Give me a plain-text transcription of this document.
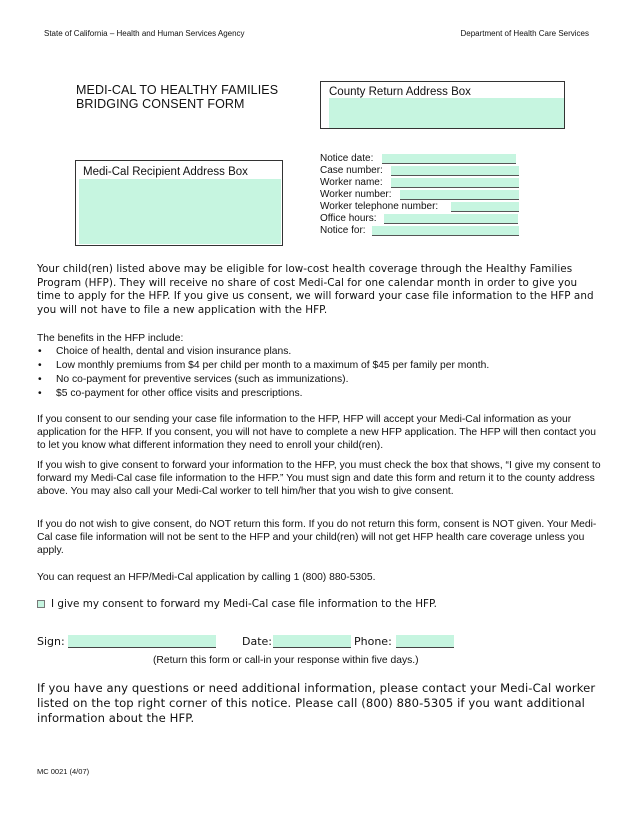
State of California – Health and Human Services Agency	Department of Health Care Services
MEDI-CAL TO HEALTHY FAMILIES
BRIDGING CONSENT FORM
County Return Address Box
Medi-Cal Recipient Address Box
Notice date:
Case number:
Worker name:
Worker number:
Worker telephone number:
Office hours:
Notice for:
Your child(ren) listed above may be eligible for low-cost health coverage through the Healthy Families Program (HFP). They will receive no share of cost Medi-Cal for one calendar month in order to give you time to apply for the HFP. If you give us consent, we will forward your case file information to the HFP and you will not have to file a new application with the HFP.
The benefits in the HFP include:
• Choice of health, dental and vision insurance plans.
• Low monthly premiums from $4 per child per month to a maximum of $45 per family per month.
• No co-payment for preventive services (such as immunizations).
• $5 co-payment for other office visits and prescriptions.
If you consent to our sending your case file information to the HFP, HFP will accept your Medi-Cal information as your application for the HFP. If you consent, you will not have to complete a new HFP application. The HFP will then contact you to let you know what different information they need to enroll your child(ren).
If you wish to give consent to forward your information to the HFP, you must check the box that shows, “I give my consent to forward my Medi-Cal case file information to the HFP.” You must sign and date this form and return it to the county address above. You may also call your Medi-Cal worker to tell him/her that you wish to give consent.
If you do not wish to give consent, do NOT return this form. If you do not return this form, consent is NOT given. Your Medi-Cal case file information will not be sent to the HFP and your child(ren) will not get HFP health care coverage unless you apply.
You can request an HFP/Medi-Cal application by calling 1 (800) 880-5305.
I give my consent to forward my Medi-Cal case file information to the HFP.
Sign:	Date:	Phone:
(Return this form or call-in your response within five days.)
If you have any questions or need additional information, please contact your Medi-Cal worker listed on the top right corner of this notice. Please call (800) 880-5305 if you want additional information about the HFP.
MC 0021 (4/07)
